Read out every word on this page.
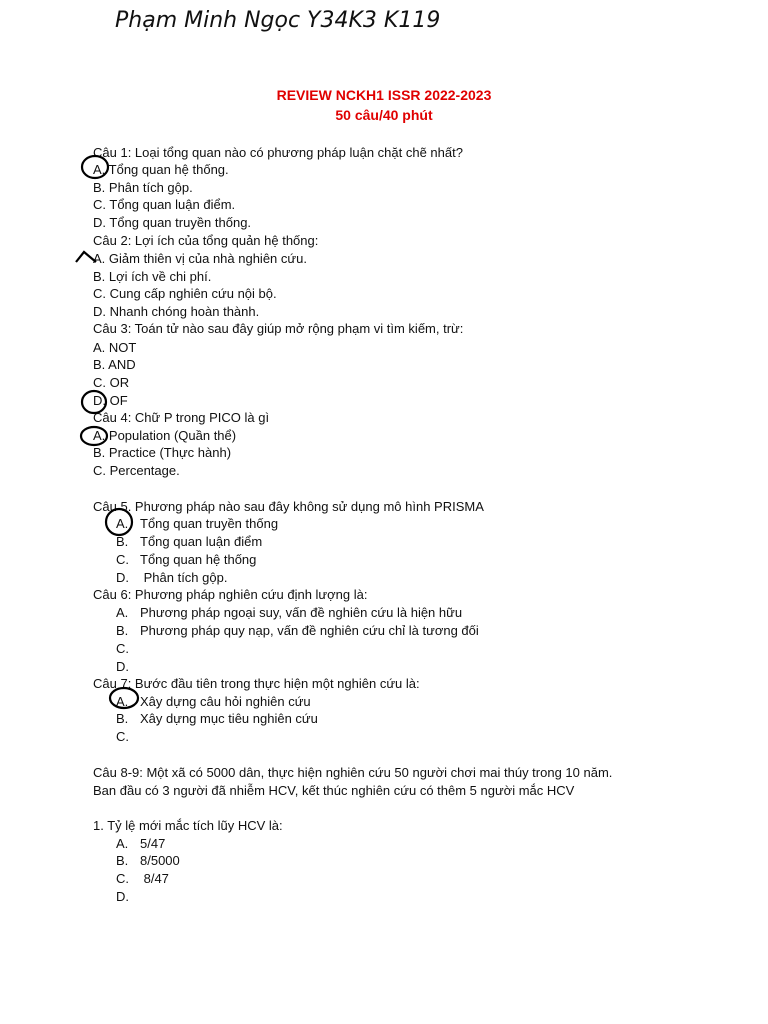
Phạm Minh Ngọc Y34K3 K119
REVIEW NCKH1 ISSR 2022-2023
50 câu/40 phút
Câu 1: Loại tổng quan nào có phương pháp luận chặt chẽ nhất?
A. Tổng quan hệ thống.
B. Phân tích gộp.
C. Tổng quan luận điểm.
D. Tổng quan truyền thống.
Câu 2: Lợi ích của tổng quản hệ thống:
A. Giảm thiên vị của nhà nghiên cứu.
B. Lợi ích về chi phí.
C. Cung cấp nghiên cứu nội bộ.
D. Nhanh chóng hoàn thành.
Câu 3: Toán tử nào sau đây giúp mở rộng phạm vi tìm kiếm, trừ:
A. NOT
B. AND
C. OR
D. OF
Câu 4: Chữ P trong PICO là gì
A. Population (Quần thể)
B. Practice (Thực hành)
C. Percentage.
Câu 5. Phương pháp nào sau đây không sử dụng mô hình PRISMA
A. Tổng quan truyền thống
B. Tổng quan luận điểm
C. Tổng quan hệ thống
D. Phân tích gộp.
Câu 6: Phương pháp nghiên cứu định lượng là:
A. Phương pháp ngoại suy, vấn đề nghiên cứu là hiện hữu
B. Phương pháp quy nạp, vấn đề nghiên cứu chỉ là tương đối
C.
D.
Câu 7: Bước đầu tiên trong thực hiện một nghiên cứu là:
A. Xây dựng câu hỏi nghiên cứu
B. Xây dựng mục tiêu nghiên cứu
C.
Câu 8-9: Một xã có 5000 dân, thực hiện nghiên cứu 50 người chơi mai thúy trong 10 năm.
Ban đầu có 3 người đã nhiễm HCV, kết thúc nghiên cứu có thêm 5 người mắc HCV
1. Tỷ lệ mới mắc tích lũy HCV là:
A. 5/47
B. 8/5000
C. 8/47
D.
